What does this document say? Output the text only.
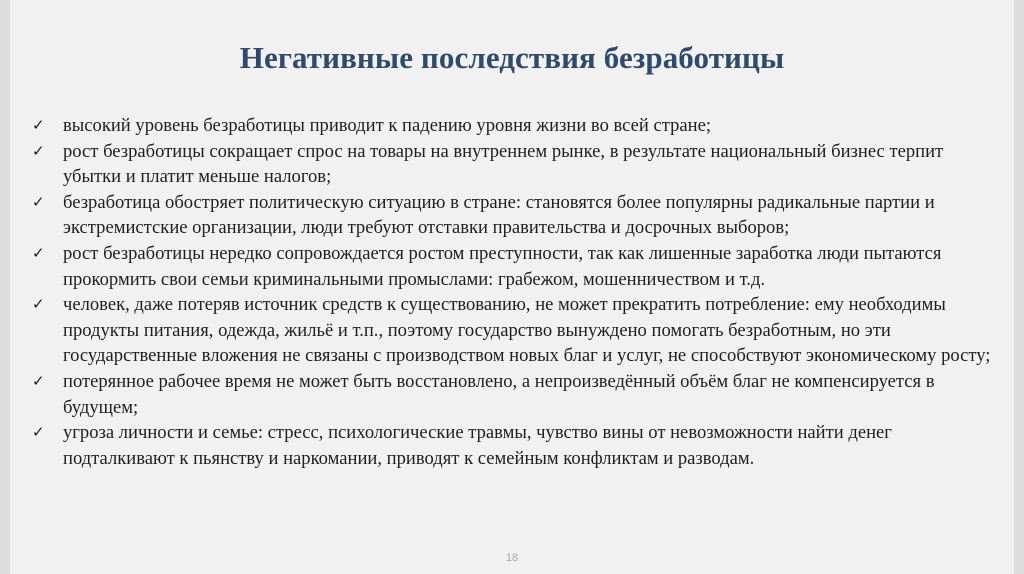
Негативные последствия безработицы
✓ высокий уровень безработицы приводит к падению уровня жизни во всей стране;
✓ рост безработицы сокращает спрос на товары на внутреннем рынке, в результате национальный бизнес терпит убытки и платит меньше налогов;
✓ безработица обостряет политическую ситуацию в стране: становятся более популярны радикальные партии и экстремистские организации, люди требуют отставки правительства и досрочных выборов;
✓ рост безработицы нередко сопровождается ростом преступности, так как лишенные заработка люди пытаются прокормить свои семьи криминальными промыслами: грабежом, мошенничеством и т.д.
✓ человек, даже потеряв источник средств к существованию, не может прекратить потребление: ему необходимы продукты питания, одежда, жильё и т.п., поэтому государство вынуждено помогать безработным, но эти государственные вложения не связаны с производством новых благ и услуг, не способствуют экономическому росту;
✓ потерянное рабочее время не может быть восстановлено, а непроизведённый объём благ не компенсируется в будущем;
✓ угроза личности и семье: стресс, психологические травмы, чувство вины от невозможности найти денег подталкивают к пьянству и наркомании, приводят к семейным конфликтам и разводам.
18
